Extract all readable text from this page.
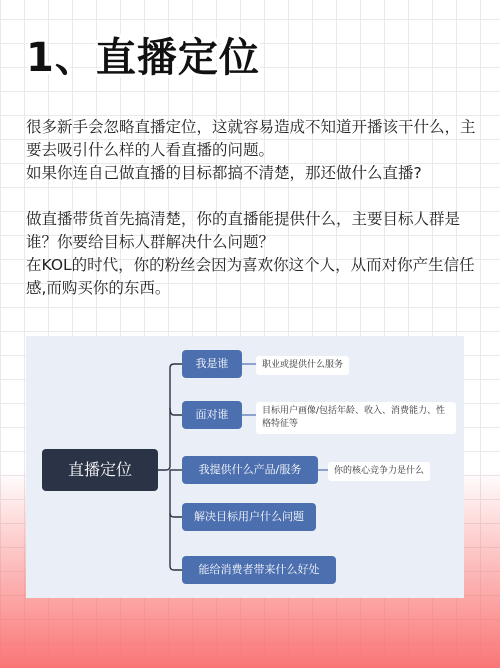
1、直播定位
很多新手会忽略直播定位，这就容易造成不知道开播该干什么，主要去吸引什么样的人看直播的问题。
如果你连自己做直播的目标都搞不清楚，那还做什么直播?
做直播带货首先搞清楚，你的直播能提供什么，主要目标人群是谁？你要给目标人群解决什么问题？
在KOL的时代，你的粉丝会因为喜欢你这个人，从而对你产生信任感,而购买你的东西。
直播定位
我是谁	职业或提供什么服务
面对谁	目标用户画像/包括年龄、收入、消费能力、性格特征等
我提供什么产品/服务	你的核心竞争力是什么
解决目标用户什么问题
能给消费者带来什么好处
